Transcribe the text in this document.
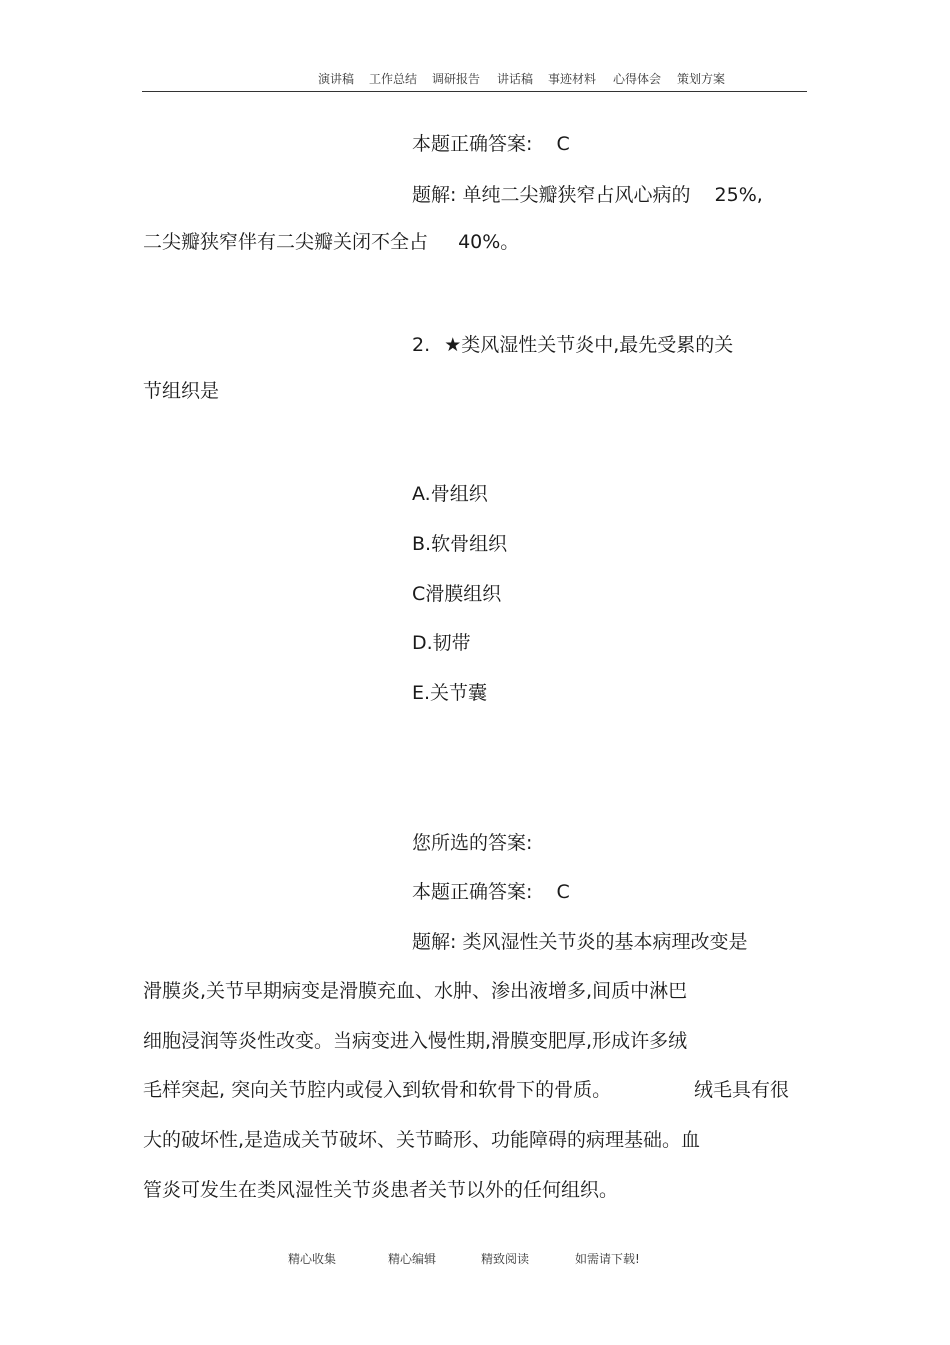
演讲稿 工作总结 调研报告 讲话稿 事迹材料 心得体会 策划方案
本题正确答案: C
题解: 单纯二尖瓣狭窄占风心病的 25%,
二尖瓣狭窄伴有二尖瓣关闭不全占 40%。
2. ★类风湿性关节炎中,最先受累的关
节组织是
A.骨组织
B.软骨组织
C滑膜组织
D.韧带
E.关节囊
您所选的答案:
本题正确答案: C
题解: 类风湿性关节炎的基本病理改变是
滑膜炎,关节早期病变是滑膜充血、水肿、渗出液增多,间质中淋巴
细胞浸润等炎性改变。当病变进入慢性期,滑膜变肥厚,形成许多绒
毛样突起, 突向关节腔内或侵入到软骨和软骨下的骨质。	绒毛具有很
大的破坏性,是造成关节破坏、关节畸形、功能障碍的病理基础。血
管炎可发生在类风湿性关节炎患者关节以外的任何组织。
精心收集	精心编辑	精致阅读	如需请下载!
